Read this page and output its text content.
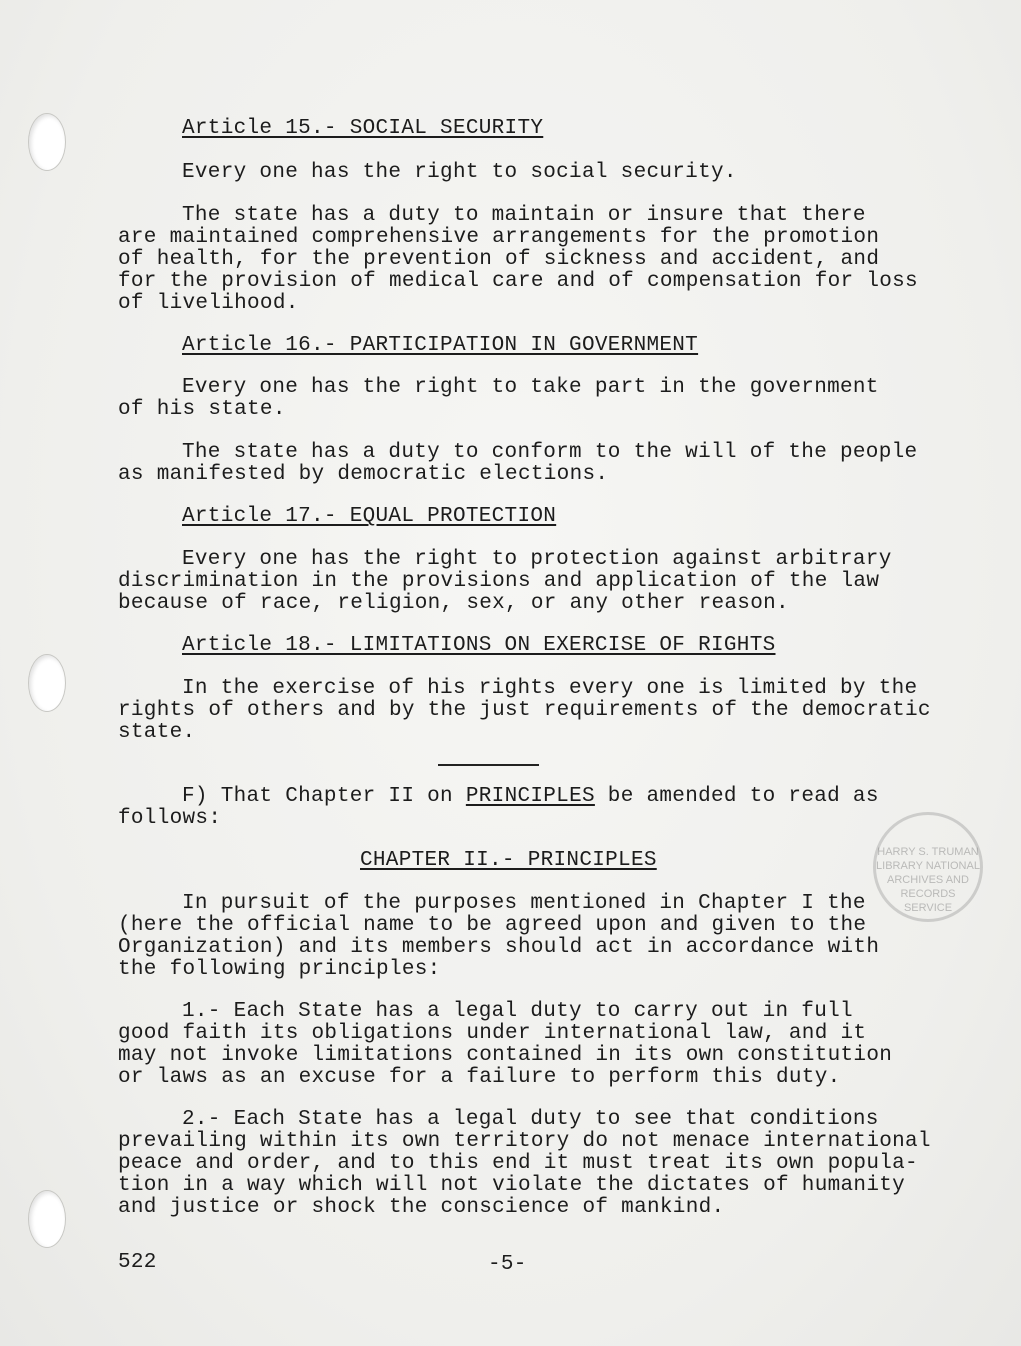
HARRY S. TRUMAN LIBRARY NATIONAL ARCHIVES AND RECORDS SERVICE
Article 15.- SOCIAL SECURITY
Every one has the right to social security.
The state has a duty to maintain or insure that there
are maintained comprehensive arrangements for the promotion
of health, for the prevention of sickness and accident, and
for the provision of medical care and of compensation for loss
of livelihood.
Article 16.- PARTICIPATION IN GOVERNMENT
Every one has the right to take part in the government
of his state.
The state has a duty to conform to the will of the people
as manifested by democratic elections.
Article 17.- EQUAL PROTECTION
Every one has the right to protection against arbitrary
discrimination in the provisions and application of the law
because of race, religion, sex, or any other reason.
Article 18.- LIMITATIONS ON EXERCISE OF RIGHTS
In the exercise of his rights every one is limited by the
rights of others and by the just requirements of the democratic
state.
F) That Chapter II on PRINCIPLES be amended to read as
follows:
CHAPTER II.- PRINCIPLES
In pursuit of the purposes mentioned in Chapter I the
(here the official name to be agreed upon and given to the
Organization) and its members should act in accordance with
the following principles:
1.- Each State has a legal duty to carry out in full
good faith its obligations under international law, and it
may not invoke limitations contained in its own constitution
or laws as an excuse for a failure to perform this duty.
2.- Each State has a legal duty to see that conditions
prevailing within its own territory do not menace international
peace and order, and to this end it must treat its own popula-
tion in a way which will not violate the dictates of humanity
and justice or shock the conscience of mankind.
522	-5-
